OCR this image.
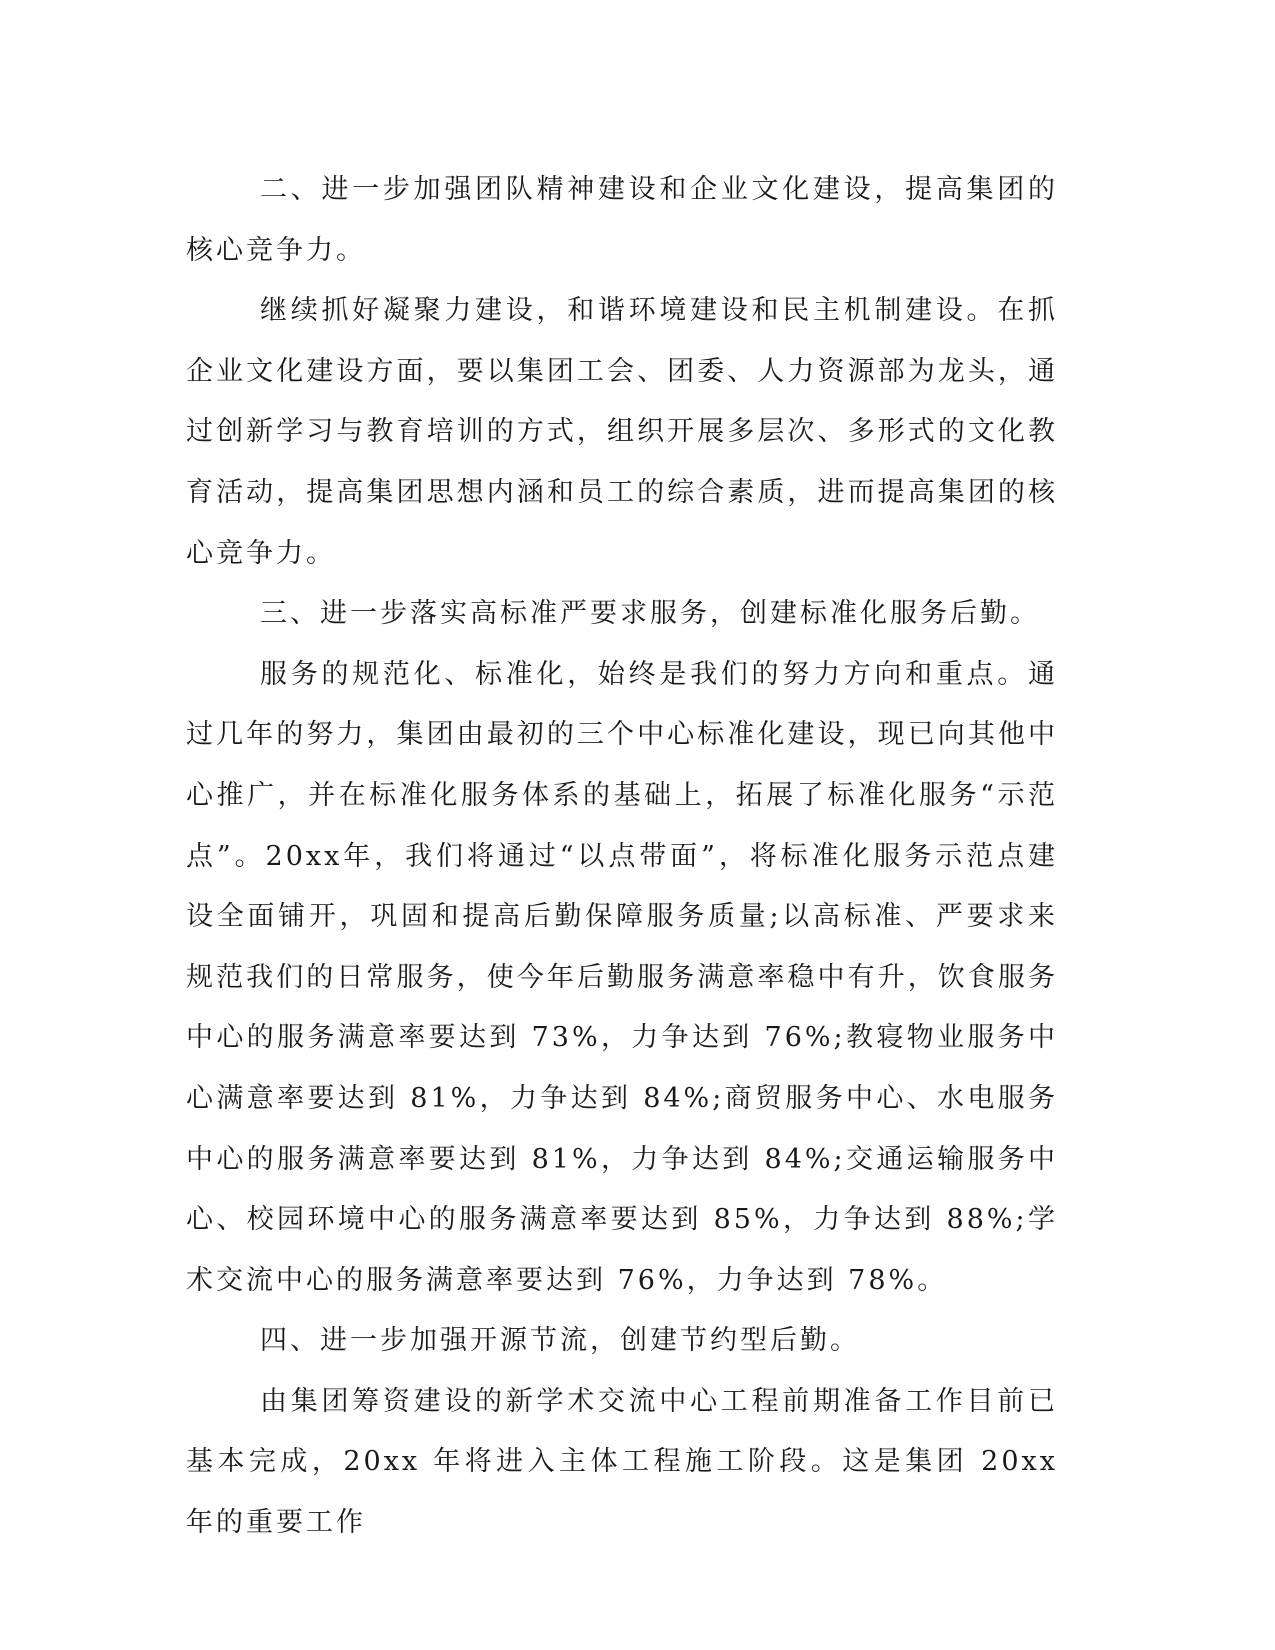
二、进一步加强团队精神建设和企业文化建设，提高集团的核心竞争力。

继续抓好凝聚力建设，和谐环境建设和民主机制建设。在抓企业文化建设方面，要以集团工会、团委、人力资源部为龙头，通过创新学习与教育培训的方式，组织开展多层次、多形式的文化教育活动，提高集团思想内涵和员工的综合素质，进而提高集团的核心竞争力。

三、进一步落实高标准严要求服务，创建标准化服务后勤。

服务的规范化、标准化，始终是我们的努力方向和重点。通过几年的努力，集团由最初的三个中心标准化建设，现已向其他中心推广，并在标准化服务体系的基础上，拓展了标准化服务“示范点”。20xx年，我们将通过“以点带面”，将标准化服务示范点建设全面铺开，巩固和提高后勤保障服务质量;以高标准、严要求来规范我们的日常服务，使今年后勤服务满意率稳中有升，饮食服务中心的服务满意率要达到 73%，力争达到 76%;教寝物业服务中心满意率要达到 81%，力争达到 84%;商贸服务中心、水电服务中心的服务满意率要达到 81%，力争达到 84%;交通运输服务中心、校园环境中心的服务满意率要达到 85%，力争达到 88%;学术交流中心的服务满意率要达到 76%，力争达到 78%。

四、进一步加强开源节流，创建节约型后勤。

由集团筹资建设的新学术交流中心工程前期准备工作目前已基本完成，20xx 年将进入主体工程施工阶段。这是集团 20xx 年的重要工作
